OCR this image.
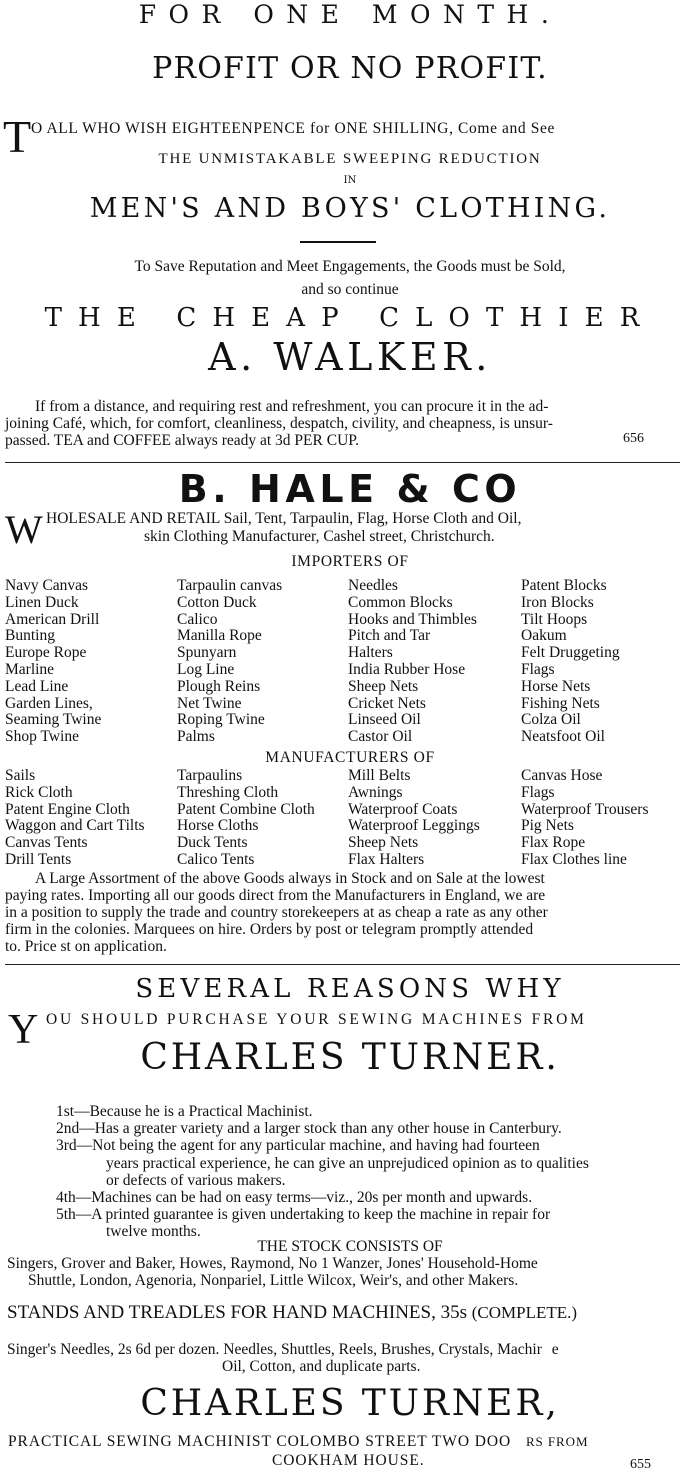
FOR ONE MONTH.
PROFIT OR NO PROFIT.
T O ALL WHO WISH EIGHTEENPENCE for ONE SHILLING, Come and See
THE UNMISTAKABLE SWEEPING REDUCTION
IN
MEN'S AND BOYS' CLOTHING.
To Save Reputation and Meet Engagements, the Goods must be Sold,
and so continue
THE CHEAP CLOTHIER
A. WALKER.
If from a distance, and requiring rest and refreshment, you can procure it in the ad-
joining Café, which, for comfort, cleanliness, despatch, civility, and cheapness, is unsur-
passed. TEA and COFFEE always ready at 3d PER CUP.	656
B. HALE & CO
W HOLESALE AND RETAIL Sail, Tent, Tarpaulin, Flag, Horse Cloth and Oil,
skin Clothing Manufacturer, Cashel street, Christchurch.
IMPORTERS OF
Navy Canvas
Linen Duck
American Drill
Bunting
Europe Rope
Marline
Lead Line
Garden Lines,
Seaming Twine
Shop Twine
Tarpaulin canvas
Cotton Duck
Calico
Manilla Rope
Spunyarn
Log Line
Plough Reins
Net Twine
Roping Twine
Palms
Needles
Common Blocks
Hooks and Thimbles
Pitch and Tar
Halters
India Rubber Hose
Sheep Nets
Cricket Nets
Linseed Oil
Castor Oil
Patent Blocks
Iron Blocks
Tilt Hoops
Oakum
Felt Druggeting
Flags
Horse Nets
Fishing Nets
Colza Oil
Neatsfoot Oil
MANUFACTURERS OF
Sails
Rick Cloth
Patent Engine Cloth
Waggon and Cart Tilts
Canvas Tents
Drill Tents
Tarpaulins
Threshing Cloth
Patent Combine Cloth
Horse Cloths
Duck Tents
Calico Tents
Mill Belts
Awnings
Waterproof Coats
Waterproof Leggings
Sheep Nets
Flax Halters
Canvas Hose
Flags
Waterproof Trousers
Pig Nets
Flax Rope
Flax Clothes line
A Large Assortment of the above Goods always in Stock and on Sale at the lowest
paying rates. Importing all our goods direct from the Manufacturers in England, we are
in a position to supply the trade and country storekeepers at as cheap a rate as any other
firm in the colonies. Marquees on hire. Orders by post or telegram promptly attended
to. Price st on application.
SEVERAL REASONS WHY
Y OU SHOULD PURCHASE YOUR SEWING MACHINES FROM
CHARLES TURNER.
1st—Because he is a Practical Machinist.
2nd—Has a greater variety and a larger stock than any other house in Canterbury.
3rd—Not being the agent for any particular machine, and having had fourteen
years practical experience, he can give an unprejudiced opinion as to qualities
or defects of various makers.
4th—Machines can be had on easy terms—viz., 20s per month and upwards.
5th—A printed guarantee is given undertaking to keep the machine in repair for
twelve months.
THE STOCK CONSISTS OF
Singers, Grover and Baker, Howes, Raymond, No 1 Wanzer, Jones' Household-Home
Shuttle, London, Agenoria, Nonpariel, Little Wilcox, Weir's, and other Makers.
STANDS AND TREADLES FOR HAND MACHINES, 35s (COMPLETE.)
Singer's Needles, 2s 6d per dozen. Needles, Shuttles, Reels, Brushes, Crystals, Machir e
Oil, Cotton, and duplicate parts.
CHARLES TURNER,
PRACTICAL SEWING MACHINIST COLOMBO STREET TWO DOO RS FROM
COOKHAM HOUSE.	655
